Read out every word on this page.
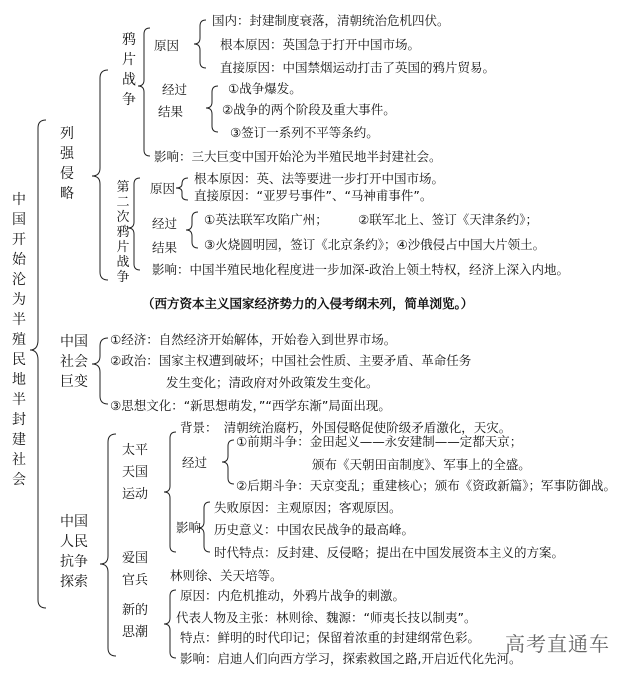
中国开始沦为半殖民地半封建社会
列强侵略
鸦片战争
原因
国内：封建制度衰落，清朝统治危机四伏。
根本原因：英国急于打开中国市场。
直接原因：中国禁烟运动打击了英国的鸦片贸易。
经过
结果
①战争爆发。
②战争的两个阶段及重大事件。
③签订一系列不平等条约。
影响：三大巨变中国开始沦为半殖民地半封建社会。
第二次鸦片战争
原因
根本原因：英、法等要进一步打开中国市场。
直接原因：“亚罗号事件”、“马神甫事件”。
经过
结果
①英法联军攻陷广州； ②联军北上、签订《天津条约》；
③火烧圆明园，签订《北京条约》；④沙俄侵占中国大片领土。
影响：中国半殖民地化程度进一步加深-政治上领土特权，经济上深入内地。
（西方资本主义国家经济势力的入侵考纲未列，简单浏览。）
中国社会巨变
①经济：自然经济开始解体，开始卷入到世界市场。
②政治：国家主权遭到破坏；中国社会性质、主要矛盾、革命任务
发生变化；清政府对外政策发生变化。
③思想文化：“新思想萌发，”“西学东渐”局面出现。
中国人民抗争探索
太平天国运动
背景：　清朝统治腐朽，外国侵略促使阶级矛盾激化，天灾。
经过
①前期斗争：金田起义——永安建制——定都天京；
颁布《天朝田亩制度》、军事上的全盛。
②后期斗争：天京变乱；重建核心；颁布《资政新篇》；军事防御战。
影响
失败原因：主观原因；客观原因。
历史意义：中国农民战争的最高峰。
时代特点：反封建、反侵略；提出在中国发展资本主义的方案。
爱国官兵 林则徐、关天培等。
新的思潮
原因：内危机推动，外鸦片战争的刺激。
代表人物及主张：林则徐、魏源：“师夷长技以制夷”。
特点：鲜明的时代印记；保留着浓重的封建纲常色彩。
影响：启迪人们向西方学习，探索救国之路,开启近代化先河。
高考直通车
